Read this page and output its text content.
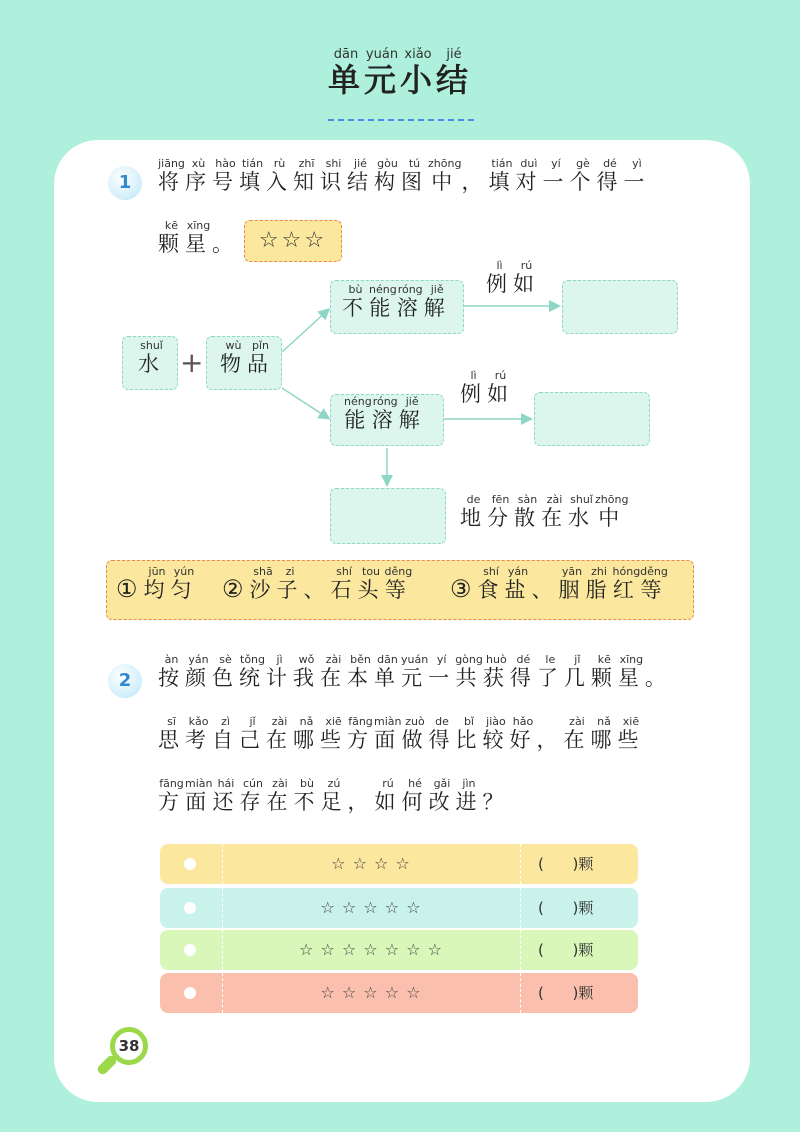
单dān元yuán小xiǎo结jié
1	将jiāng序xù号hào填tián入rù知zhī识shi结jié构gòu图tú中zhōng， 填tián对duì一yí个gè得dé一yì
颗kē星xīng。 ☆☆☆
水shuǐ
+ 物wù品pǐn
不bù能néng溶róng解jiě 例lì如rú
能néng溶róng解jiě 例lì如rú
地de分fēn散sàn在zài水shuǐ中zhōng
①均jūn匀yún
②沙shā子zi、 石shí头tou等děng
③食shí盐yán、 胭yān脂zhi红hóng等děng
2	按àn颜yán色sè统tǒng计jì我wǒ在zài本běn单dān元yuán一yí共gòng获huò得dé了le几jǐ颗kē星xīng。
思sī考kǎo自zì己jǐ在zài哪nǎ些xiē方fāng面miàn做zuò得de比bǐ较jiào好hǎo， 在zài哪nǎ些xiē
方fāng面miàn还hái存cún在zài不bù足zú， 如rú何hé改gǎi进jìn？
☆ ☆ ☆ ☆	(      )颗
☆ ☆ ☆ ☆ ☆	(      )颗
☆ ☆ ☆ ☆ ☆ ☆ ☆	(      )颗
☆ ☆ ☆ ☆ ☆	(      )颗
38
